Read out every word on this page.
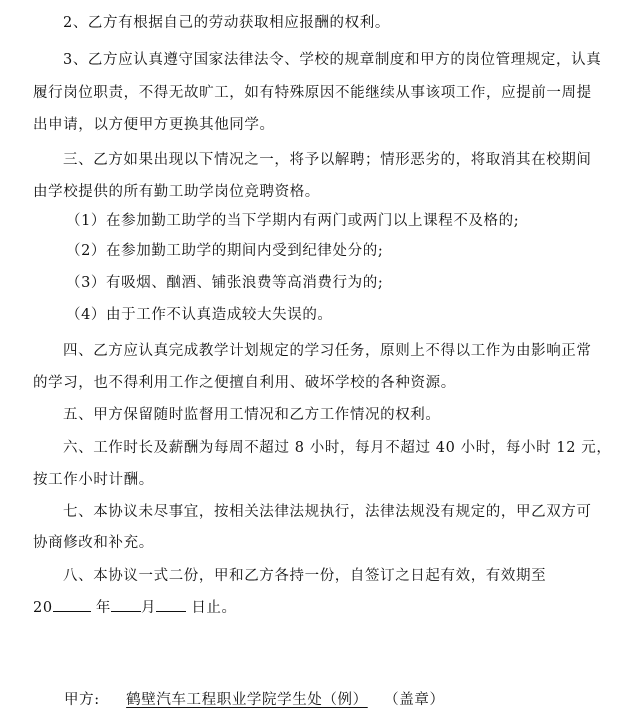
2、乙方有根据自己的劳动获取相应报酬的权利。
3、乙方应认真遵守国家法律法令、学校的规章制度和甲方的岗位管理规定，认真
履行岗位职责，不得无故旷工，如有特殊原因不能继续从事该项工作，应提前一周提
出申请，以方便甲方更换其他同学。
三、乙方如果出现以下情况之一，将予以解聘；情形恶劣的，将取消其在校期间
由学校提供的所有勤工助学岗位竞聘资格。
（1）在参加勤工助学的当下学期内有两门或两门以上课程不及格的;
（2）在参加勤工助学的期间内受到纪律处分的;
（3）有吸烟、酗酒、铺张浪费等高消费行为的;
（4）由于工作不认真造成较大失误的。
四、乙方应认真完成教学计划规定的学习任务，原则上不得以工作为由影响正常
的学习，也不得利用工作之便擅自利用、破坏学校的各种资源。
五、甲方保留随时监督用工情况和乙方工作情况的权利。
六、工作时长及薪酬为每周不超过 8 小时，每月不超过 40 小时，每小时 12 元，
按工作小时计酬。
七、本协议未尽事宜，按相关法律法规执行，法律法规没有规定的，甲乙双方可
协商修改和补充。
八、本协议一式二份，甲和乙方各持一份，自签订之日起有效，有效期至
20	年 月 日止。
甲方: 鹤壁汽车工程职业学院学生处（例） （盖章）
